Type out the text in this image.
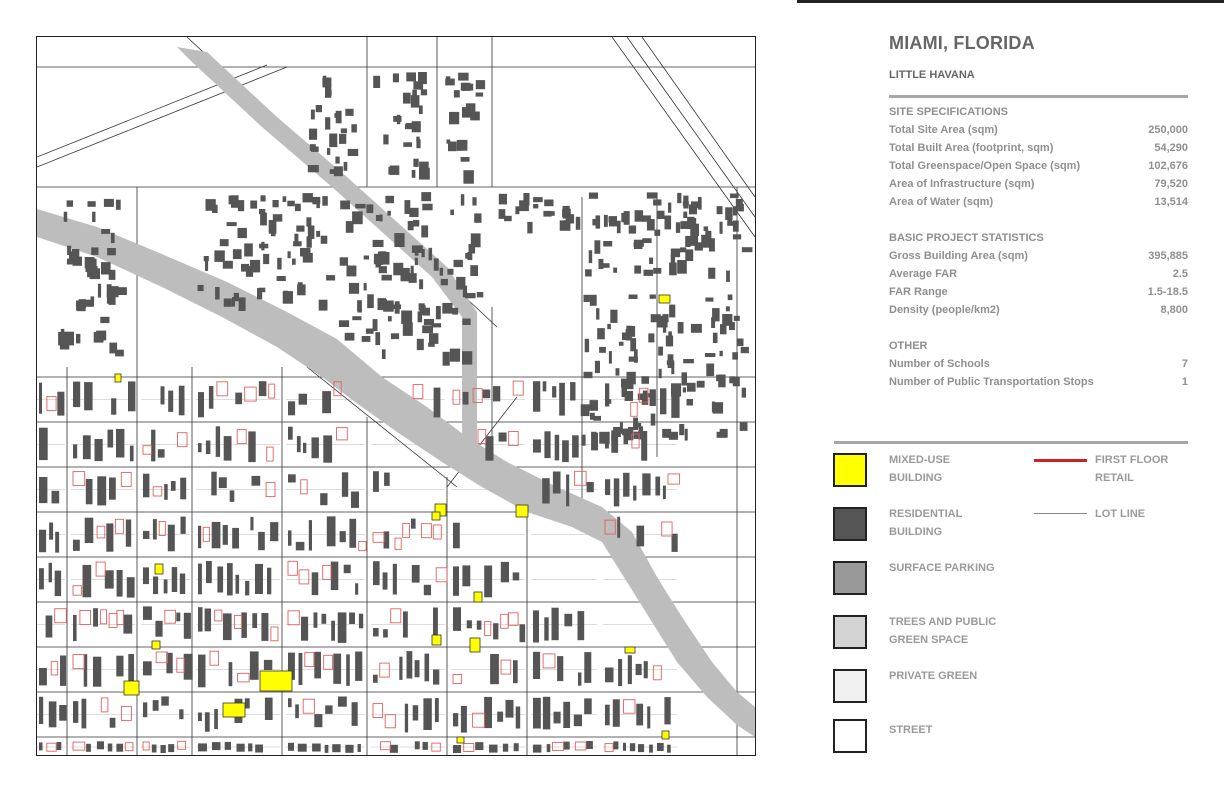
MIAMI, FLORIDA
LITTLE HAVANA
SITE SPECIFICATIONS
Total Site Area (sqm)	250,000
Total Built Area (footprint, sqm)	54,290
Total Greenspace/Open Space (sqm)	102,676
Area of Infrastructure (sqm)	79,520
Area of Water (sqm)	13,514
BASIC PROJECT STATISTICS
Gross Building Area (sqm)	395,885
Average FAR	2.5
FAR Range	1.5-18.5
Density (people/km2)	8,800
OTHER
Number of Schools	7
Number of Public Transportation Stops	1
MIXED-USE
BUILDING
RESIDENTIAL
BUILDING
SURFACE PARKING
TREES AND PUBLIC
GREEN SPACE
PRIVATE GREEN
STREET
FIRST FLOOR
RETAIL
LOT LINE
